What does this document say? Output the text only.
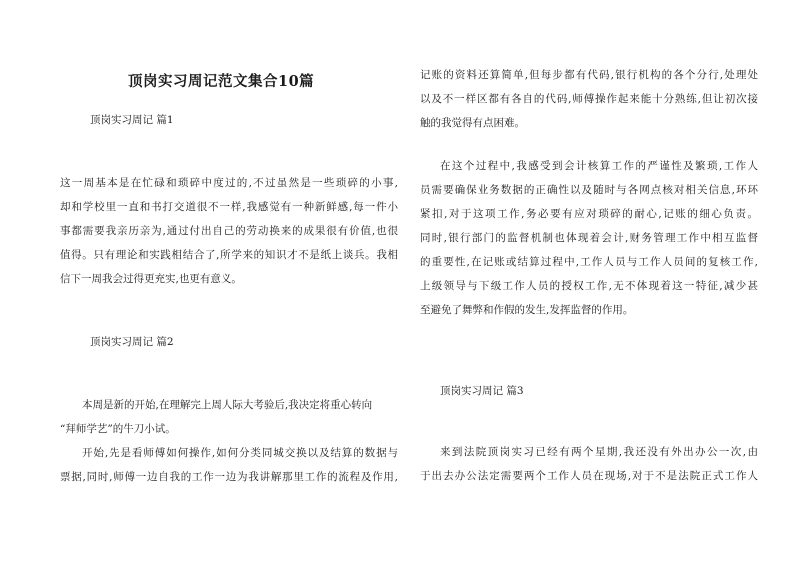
顶岗实习周记范文集合10篇
顶岗实习周记 篇1
这一周基本是在忙碌和琐碎中度过的,不过虽然是一些琐碎的小事,
却和学校里一直和书打交道很不一样,我感觉有一种新鲜感,每一件小
事都需要我亲历亲为,通过付出自己的劳动换来的成果很有价值,也很
值得。只有理论和实践相结合了,所学来的知识才不是纸上谈兵。我相
信下一周我会过得更充实,也更有意义。
顶岗实习周记 篇2
本周是新的开始,在理解完上周人际大考验后,我决定将重心转向
“拜师学艺”的牛刀小试。
开始,先是看师傅如何操作,如何分类同城交换以及结算的数据与
票据,同时,师傅一边自我的工作一边为我讲解那里工作的流程及作用,
记账的资料还算简单,但每步都有代码,银行机构的各个分行,处理处
以及不一样区都有各自的代码,师傅操作起来能十分熟练,但让初次接
触的我觉得有点困难。
在这个过程中,我感受到会计核算工作的严谨性及繁琐,工作人
员需要确保业务数据的正确性以及随时与各网点核对相关信息,环环
紧扣,对于这项工作,务必要有应对琐碎的耐心,记账的细心负责。
同时,银行部门的监督机制也体现着会计,财务管理工作中相互监督
的重要性,在记账或结算过程中,工作人员与工作人员间的复核工作,
上级领导与下级工作人员的授权工作,无不体现着这一特征,减少甚
至避免了舞弊和作假的发生,发挥监督的作用。
顶岗实习周记 篇3
来到法院顶岗实习已经有两个星期,我还没有外出办公一次,由
于出去办公法定需要两个工作人员在现场,对于不是法院正式工作人
